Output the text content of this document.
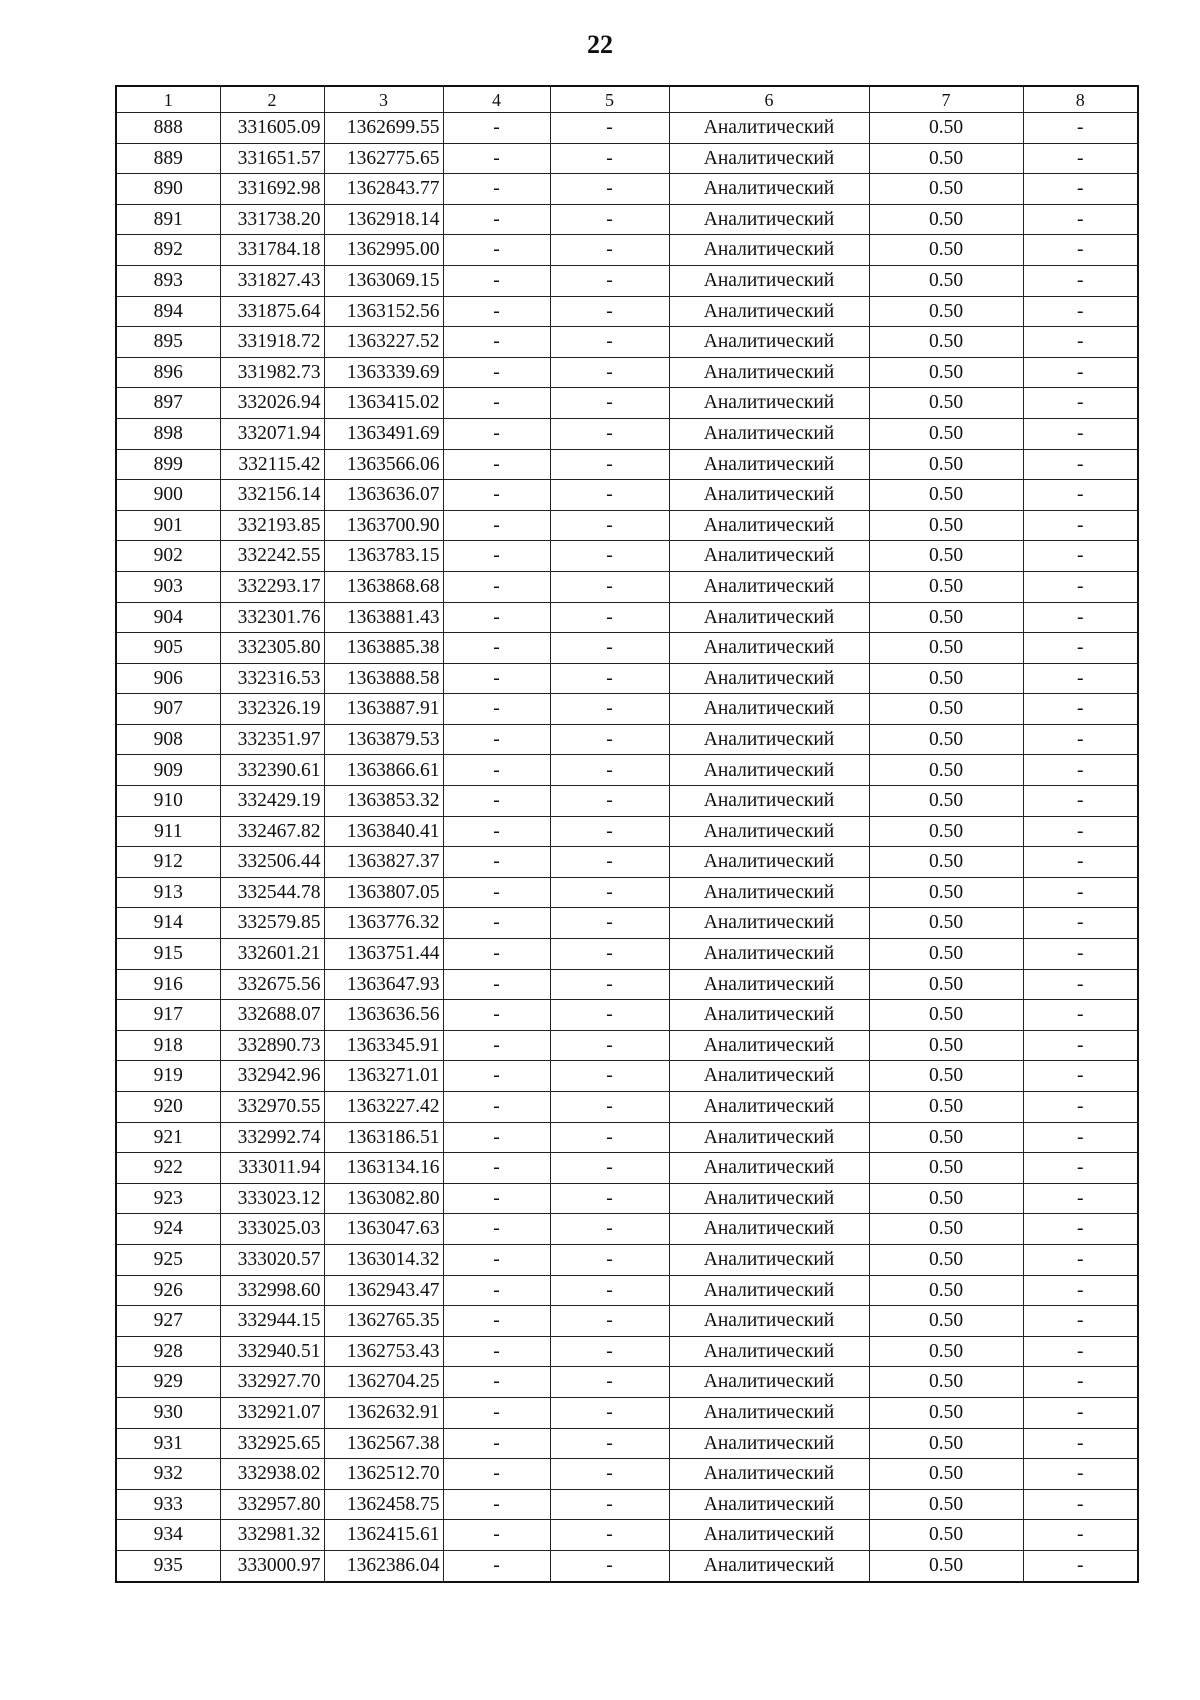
22
1	2	3	4	5	6	7	8
888	331605.09	1362699.55	-	-	Аналитический	0.50	-
889	331651.57	1362775.65	-	-	Аналитический	0.50	-
890	331692.98	1362843.77	-	-	Аналитический	0.50	-
891	331738.20	1362918.14	-	-	Аналитический	0.50	-
892	331784.18	1362995.00	-	-	Аналитический	0.50	-
893	331827.43	1363069.15	-	-	Аналитический	0.50	-
894	331875.64	1363152.56	-	-	Аналитический	0.50	-
895	331918.72	1363227.52	-	-	Аналитический	0.50	-
896	331982.73	1363339.69	-	-	Аналитический	0.50	-
897	332026.94	1363415.02	-	-	Аналитический	0.50	-
898	332071.94	1363491.69	-	-	Аналитический	0.50	-
899	332115.42	1363566.06	-	-	Аналитический	0.50	-
900	332156.14	1363636.07	-	-	Аналитический	0.50	-
901	332193.85	1363700.90	-	-	Аналитический	0.50	-
902	332242.55	1363783.15	-	-	Аналитический	0.50	-
903	332293.17	1363868.68	-	-	Аналитический	0.50	-
904	332301.76	1363881.43	-	-	Аналитический	0.50	-
905	332305.80	1363885.38	-	-	Аналитический	0.50	-
906	332316.53	1363888.58	-	-	Аналитический	0.50	-
907	332326.19	1363887.91	-	-	Аналитический	0.50	-
908	332351.97	1363879.53	-	-	Аналитический	0.50	-
909	332390.61	1363866.61	-	-	Аналитический	0.50	-
910	332429.19	1363853.32	-	-	Аналитический	0.50	-
911	332467.82	1363840.41	-	-	Аналитический	0.50	-
912	332506.44	1363827.37	-	-	Аналитический	0.50	-
913	332544.78	1363807.05	-	-	Аналитический	0.50	-
914	332579.85	1363776.32	-	-	Аналитический	0.50	-
915	332601.21	1363751.44	-	-	Аналитический	0.50	-
916	332675.56	1363647.93	-	-	Аналитический	0.50	-
917	332688.07	1363636.56	-	-	Аналитический	0.50	-
918	332890.73	1363345.91	-	-	Аналитический	0.50	-
919	332942.96	1363271.01	-	-	Аналитический	0.50	-
920	332970.55	1363227.42	-	-	Аналитический	0.50	-
921	332992.74	1363186.51	-	-	Аналитический	0.50	-
922	333011.94	1363134.16	-	-	Аналитический	0.50	-
923	333023.12	1363082.80	-	-	Аналитический	0.50	-
924	333025.03	1363047.63	-	-	Аналитический	0.50	-
925	333020.57	1363014.32	-	-	Аналитический	0.50	-
926	332998.60	1362943.47	-	-	Аналитический	0.50	-
927	332944.15	1362765.35	-	-	Аналитический	0.50	-
928	332940.51	1362753.43	-	-	Аналитический	0.50	-
929	332927.70	1362704.25	-	-	Аналитический	0.50	-
930	332921.07	1362632.91	-	-	Аналитический	0.50	-
931	332925.65	1362567.38	-	-	Аналитический	0.50	-
932	332938.02	1362512.70	-	-	Аналитический	0.50	-
933	332957.80	1362458.75	-	-	Аналитический	0.50	-
934	332981.32	1362415.61	-	-	Аналитический	0.50	-
935	333000.97	1362386.04	-	-	Аналитический	0.50	-
